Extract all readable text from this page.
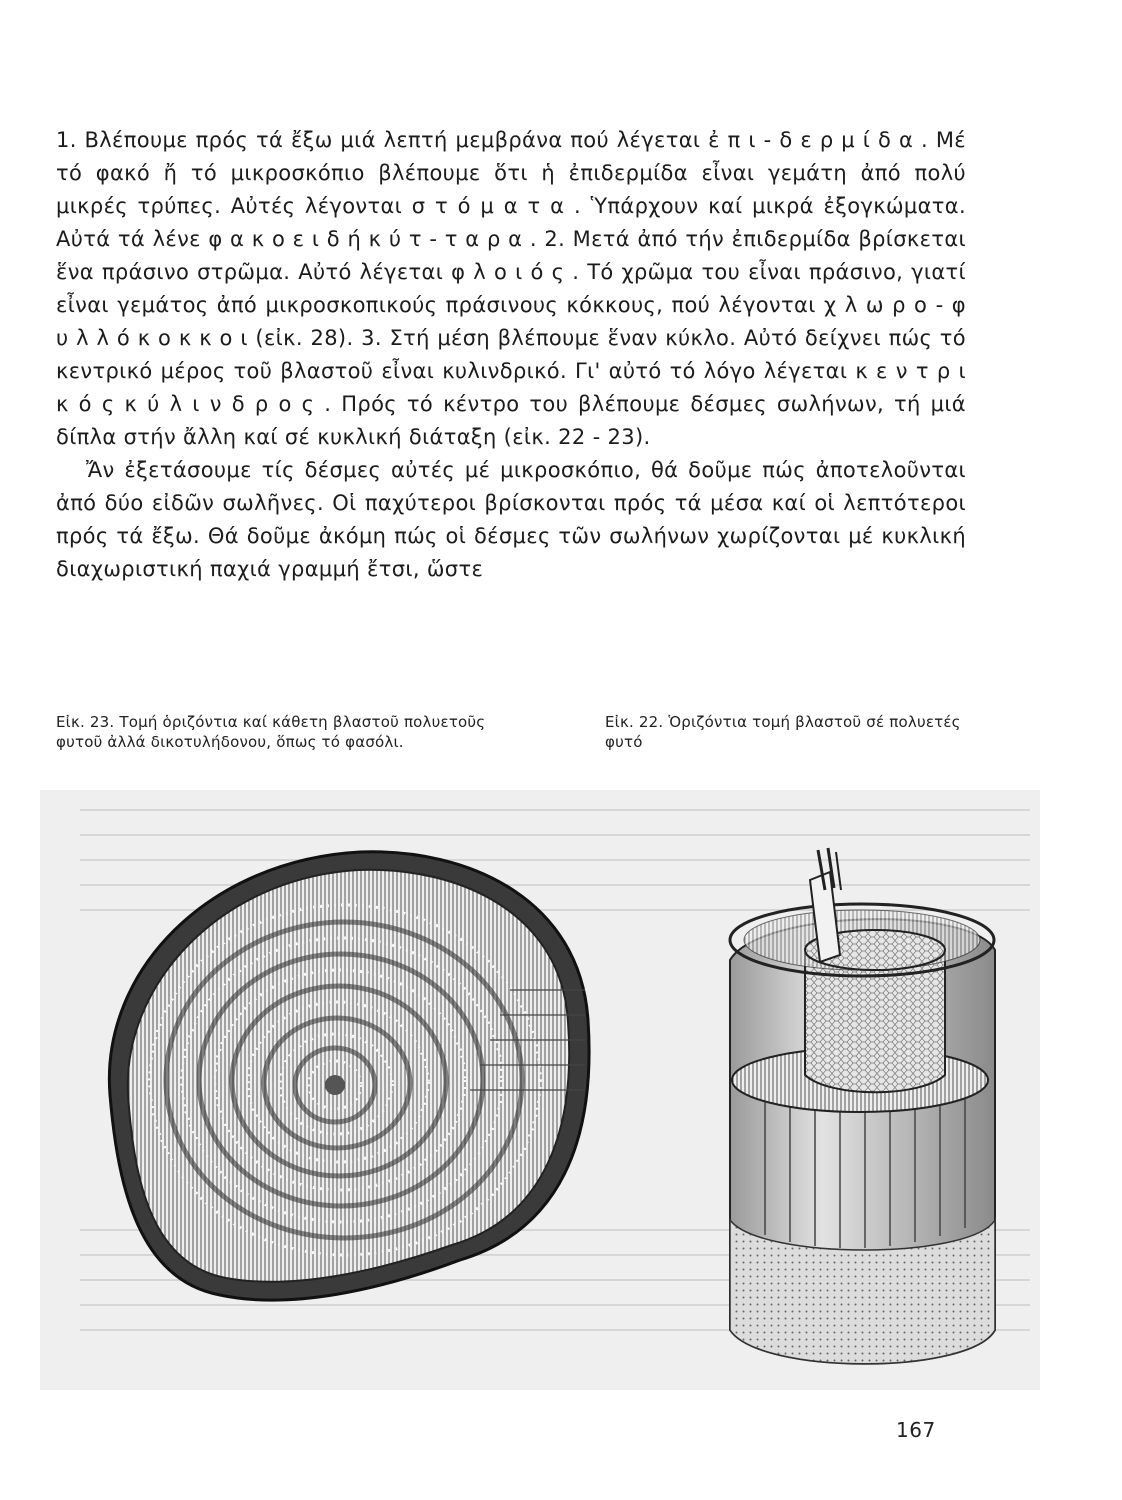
1. Βλέπουμε πρός τά ἔξω μιά λεπτή μεμβράνα πού λέγεται ἐ π ι - δ ε ρ μ ί δ α . Μέ τό φακό ἤ τό μικροσκόπιο βλέπουμε ὅτι ἡ ἐπιδερμίδα εἶναι γεμάτη ἀπό πολύ μικρές τρύπες. Αὐτές λέγονται σ τ ό μ α τ α . Ὑπάρχουν καί μικρά ἐξογκώματα. Αὐτά τά λένε φ α κ ο ε ι δ ή κ ύ τ - τ α ρ α . 2. Μετά ἀπό τήν ἐπιδερμίδα βρίσκεται ἕνα πράσινο στρῶμα. Αὐτό λέγεται φ λ ο ι ό ς . Τό χρῶμα του εἶναι πράσινο, γιατί εἶναι γεμάτος ἀπό μικροσκοπικούς πράσινους κόκκους, πού λέγονται χ λ ω ρ ο - φ υ λ λ ό κ ο κ κ ο ι (εἰκ. 28). 3. Στή μέση βλέπουμε ἕναν κύκλο. Αὐτό δείχνει πώς τό κεντρικό μέρος τοῦ βλαστοῦ εἶναι κυλινδρικό. Γι' αὐτό τό λόγο λέγεται κ ε ν τ ρ ι κ ό ς κ ύ λ ι ν δ ρ ο ς . Πρός τό κέντρο του βλέπουμε δέσμες σωλήνων, τή μιά δίπλα στήν ἄλλη καί σέ κυκλική διάταξη (εἰκ. 22 - 23).

Ἄν ἐξετάσουμε τίς δέσμες αὐτές μέ μικροσκόπιο, θά δοῦμε πώς ἀποτελοῦνται ἀπό δύο εἰδῶν σωλῆνες. Οἱ παχύτεροι βρίσκονται πρός τά μέσα καί οἱ λεπτότεροι πρός τά ἔξω. Θά δοῦμε ἀκόμη πώς οἱ δέσμες τῶν σωλήνων χωρίζονται μέ κυκλική διαχωριστική παχιά γραμμή ἔτσι, ὥστε

Εἰκ. 23. Τομή ὁριζόντια καί κάθετη βλαστοῦ πολυετοῦς φυτοῦ ἀλλά δικοτυλήδονου, ὅπως τό φασόλι.
Εἰκ. 22. Ὁριζόντια τομή βλαστοῦ σέ πολυετές φυτό
167
